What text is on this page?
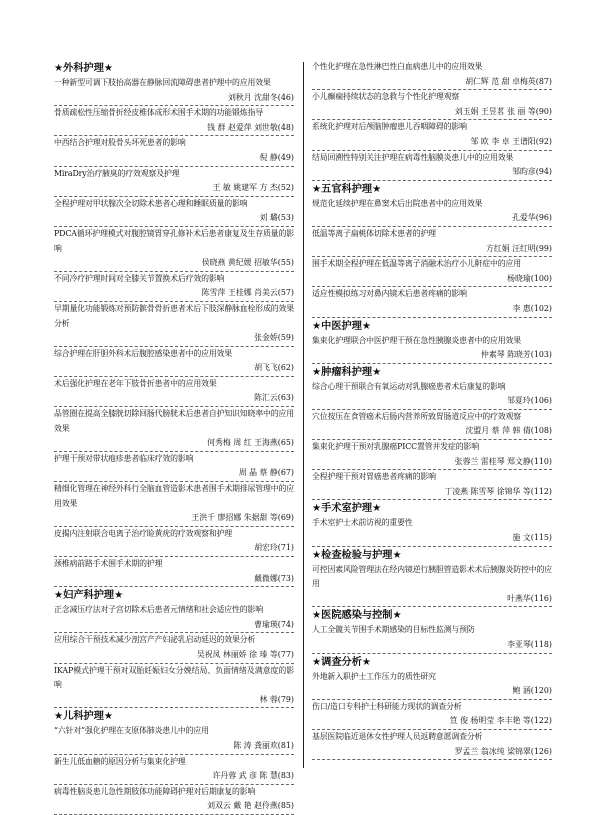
★外科护理★
一种新型可调下肢抬高器在静脉回流障碍患者护理中的应用效果
刘秋月 沈甜冬(46)
骨质疏松性压缩骨折经皮椎体成形术围手术期的功能锻炼指导
钱 群 赵爱萍 刘世敬(48)
中西结合护理对股骨头坏死患者的影响
倪 静(49)
MiraDry治疗腋臭的疗效观察及护理
王 敏 姚建军 方 杰(52)
全程护理对甲状腺次全切除术患者心理和睡眠质量的影响
刘 璐(53)
PDCA循环护理模式对腹腔镜胃穿孔修补术后患者康复及生存质量的影响
侯晓燕 黄纪媛 招敏华(55)
不同冷疗护理时间对全膝关节置换术后疗效的影响
陈雪萍 王桂娜 肖美云(57)
早期量化功能锻炼对预防髌骨骨折患者术后下肢深静脉血栓形成的效果分析
张金娇(59)
综合护理在肝胆外科术后腹腔感染患者中的应用效果
胡飞飞(62)
术后强化护理在老年下肢骨折患者中的应用效果
陈汇云(63)
品管圈在提高全膝胱切除回肠代膀胱术后患者自护知识知晓率中的应用效果
何秀梅 周 红 王海燕(65)
护理干预对带状疱疹患者临床疗效的影响
周 晶 蔡 静(67)
精细化管理在神经外科行全脑血管造影术患者围手术期排尿管理中的应用效果
王洪千 廖招娜 朱据甜 等(69)
皮揭内注射联合电离子治疗睑黄疣的疗效观察和护理
胡宏玲(71)
颈椎病前路手术围手术期的护理
戴微娜(73)
★妇产科护理★
正念减压疗法对子宫切除术后患者元情绪和社会适应性的影响
曹瑜瑛(74)
应用综合干预技术减少剖宫产产妇泌乳启动延迟的效果分析
吴祝凤 林丽娇 徐 瑧 等(77)
IKAP模式护理干预对双胎妊娠妇女分娩结局、负面情绪及满意度的影响
林 蓉(79)
★儿科护理★
“六针对”强化护理在支原体肺炎患儿中的应用
陈 涛 龚丽欢(81)
新生儿低血糖的原因分析与集束化护理
许丹蓉 武 彦 陈 慧(83)
病毒性脑炎患儿急性期肢体功能障碍护理对后期康复的影响
刘双云 戴 艳 赵伶燕(85)
个性化护理在急性淋巴性白血病患儿中的应用效果
胡仁辉 范 甜 卓梅英(87)
小儿癫痫持续状态的急救与个性化护理观察
刘玉娟 王昱茗 张 丽 等(90)
系统化护理对后颅脑肿瘤患儿吞咽障碍的影响
邹 欧 李 卓 王谱阳(92)
结局回溯性特别关注护理在病毒性脑膜炎患儿中的应用效果
邹昀彦(94)
★五官科护理★
规范化延续护理在鼻窦术后出院患者中的应用效果
孔爱华(96)
低温等离子扁桃体切除术患者的护理
方红娟 汪红明(99)
围手术期全程护理在低温等离子消融术治疗小儿鼾症中的应用
杨晓瑜(100)
适应性模拟练习对鼻内镜术后患者疼痛的影响
李 惠(102)
★中医护理★
集束化护理联合中医护理干预在急性胰腺炎患者中的应用效果
仲素琴 陈晓芳(103)
★肿瘤科护理★
综合心理干预联合有氧运动对乳腺癌患者术后康复的影响
邹夏玲(106)
穴位按压在食管癌术后肠内营养所致胃肠道反应中的疗效观察
沈盟月 蔡 萍 韩 倩(108)
集束化护理干预对乳腺癌PICC置管并发症的影响
张蓉兰 雷桂琴 郑文静(110)
全程护理干预对胃癌患者疼痛的影响
丁凌燕 陈雪琴 徐锦华 等(112)
★手术室护理★
手术室护士术前访视的重要性
施 文(115)
★检查检验与护理★
可控因素风险管理法在经内镜逆行胰胆管造影术术后胰腺炎防控中的应用
叶燕华(116)
★医院感染与控制★
人工全髋关节围手术期感染的目标性监测与预防
李亚琴(118)
★调查分析★
外地新入职护士工作压力的质性研究
鲍 涵(120)
伤口/造口专科护士科研能力现状的调查分析
笪 俊 杨明莹 李丰艳 等(122)
基层医院临近退休女性护理人员返聘意愿调查分析
罗孟兰 翁冰纯 梁锦翠(126)
